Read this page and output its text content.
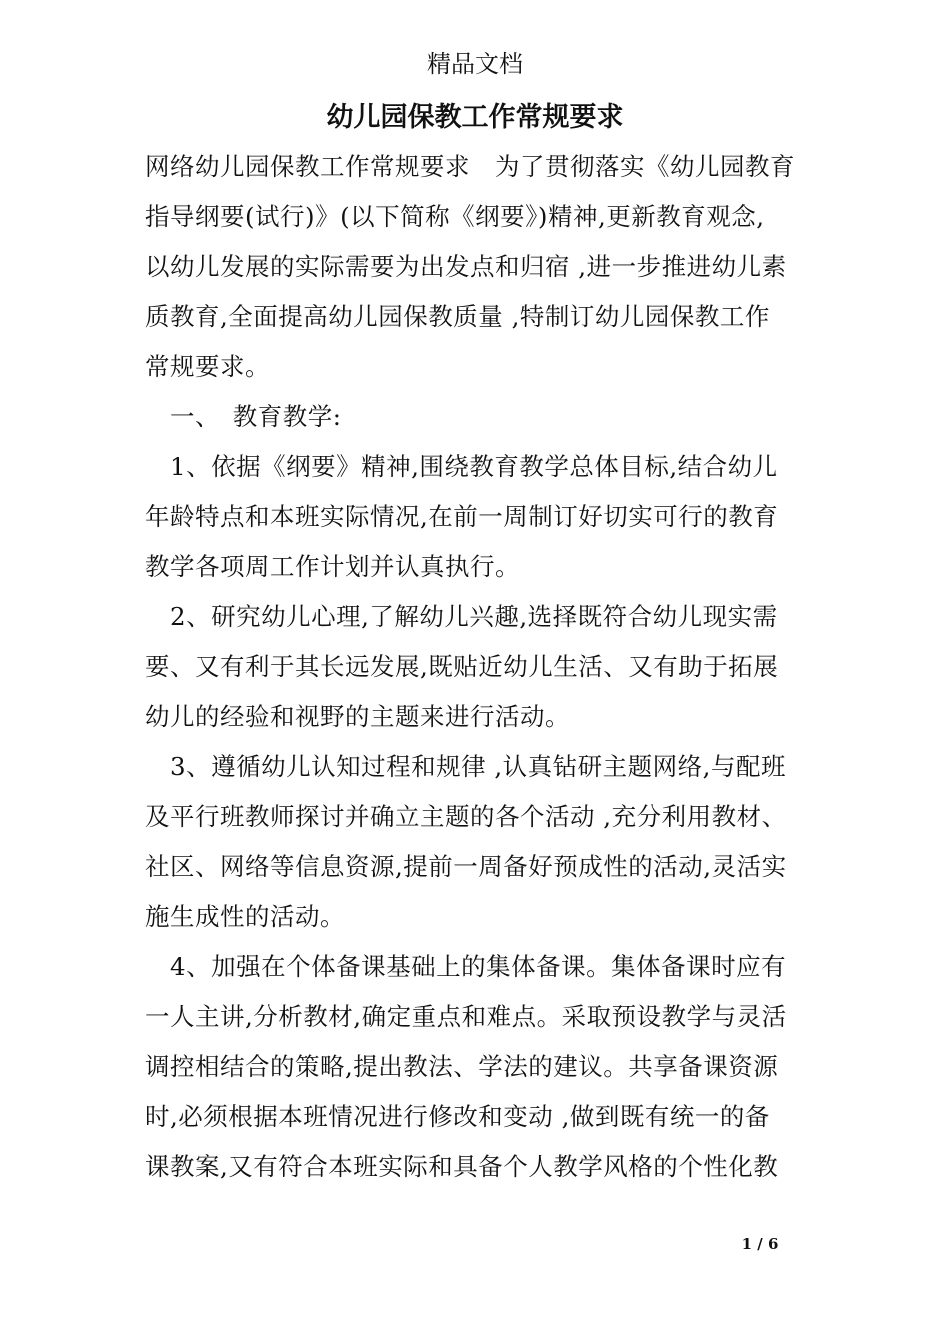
精品文档
幼儿园保教工作常规要求
网络幼儿园保教工作常规要求　为了贯彻落实《幼儿园教育
指导纲要(试行)》(以下简称《纲要》)精神,更新教育观念,
以幼儿发展的实际需要为出发点和归宿 ,进一步推进幼儿素
质教育,全面提高幼儿园保教质量 ,特制订幼儿园保教工作
常规要求。
　一、　教育教学:
　1、依据《纲要》精神,围绕教育教学总体目标,结合幼儿
年龄特点和本班实际情况,在前一周制订好切实可行的教育
教学各项周工作计划并认真执行。
　2、研究幼儿心理,了解幼儿兴趣,选择既符合幼儿现实需
要、又有利于其长远发展,既贴近幼儿生活、又有助于拓展
幼儿的经验和视野的主题来进行活动。
　3、遵循幼儿认知过程和规律 ,认真钻研主题网络,与配班
及平行班教师探讨并确立主题的各个活动 ,充分利用教材、
社区、网络等信息资源,提前一周备好预成性的活动,灵活实
施生成性的活动。
　4、加强在个体备课基础上的集体备课。集体备课时应有
一人主讲,分析教材,确定重点和难点。采取预设教学与灵活
调控相结合的策略,提出教法、学法的建议。共享备课资源
时,必须根据本班情况进行修改和变动 ,做到既有统一的备
课教案,又有符合本班实际和具备个人教学风格的个性化教
1 / 6
